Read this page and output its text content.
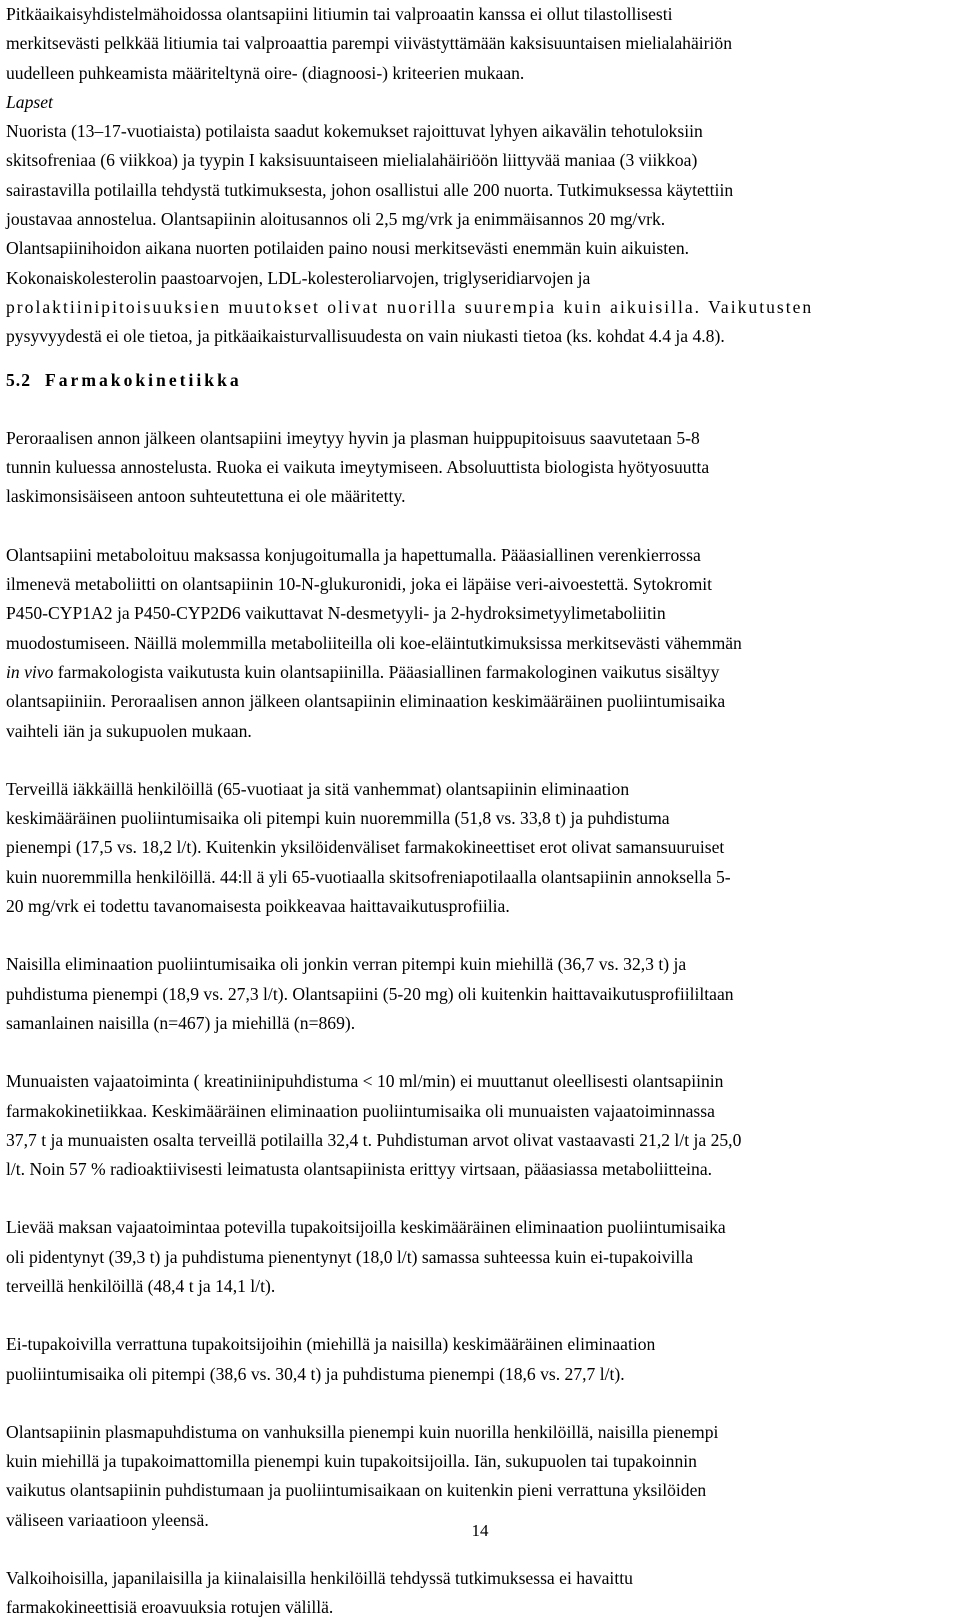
Pitkäaikaisyhdistelmähoidossa olantsapiini litiumin tai valproaatin kanssa ei ollut tilastollisesti

merkitsevästi pelkkää litiumia tai valproaattia parempi viivästyttämään kaksisuuntaisen mielialahäiriön

uudelleen puhkeamista määriteltynä oire- (diagnoosi-) kriteerien mukaan.

Lapset

Nuorista (13–17-vuotiaista) potilaista saadut kokemukset rajoittuvat lyhyen aikavälin tehotuloksiin

skitsofreniaa (6 viikkoa) ja tyypin I kaksisuuntaiseen mielialahäiriöön liittyvää maniaa (3 viikkoa)

sairastavilla potilailla tehdystä tutkimuksesta, johon osallistui alle 200 nuorta. Tutkimuksessa käytettiin

joustavaa annostelua. Olantsapiinin aloitusannos oli 2,5 mg/vrk ja enimmäisannos 20 mg/vrk.

Olantsapiinihoidon aikana nuorten potilaiden paino nousi merkitsevästi enemmän kuin aikuisten.

Kokonaiskolesterolin paastoarvojen, LDL-kolesteroliarvojen, triglyseridiarvojen ja

prolaktiinipitoisuuksien muutokset olivat nuorilla suurempia kuin aikuisilla. Vaikutusten

pysyvyydestä ei ole tietoa, ja pitkäaikaisturvallisuudesta on vain niukasti tietoa (ks. kohdat 4.4 ja 4.8).

5.2 Farmakokinetiikka

Peroraalisen annon jälkeen olantsapiini imeytyy hyvin ja plasman huippupitoisuus saavutetaan 5-8

tunnin kuluessa annostelusta. Ruoka ei vaikuta imeytymiseen. Absoluuttista biologista hyötyosuutta

laskimonsisäiseen antoon suhteutettuna ei ole määritetty.

Olantsapiini metaboloituu maksassa konjugoitumalla ja hapettumalla. Pääasiallinen verenkierrossa

ilmenevä metaboliitti on olantsapiinin 10-N-glukuronidi, joka ei läpäise veri-aivoestettä. Sytokromit

P450-CYP1A2 ja P450-CYP2D6 vaikuttavat N-desmetyyli- ja 2-hydroksimetyylimetaboliitin

muodostumiseen. Näillä molemmilla metaboliiteilla oli koe-eläintutkimuksissa merkitsevästi vähemmän

in vivo farmakologista vaikutusta kuin olantsapiinilla. Pääasiallinen farmakologinen vaikutus sisältyy

olantsapiiniin. Peroraalisen annon jälkeen olantsapiinin eliminaation keskimääräinen puoliintumisaika

vaihteli iän ja sukupuolen mukaan.

Terveillä iäkkäillä henkilöillä (65-vuotiaat ja sitä vanhemmat) olantsapiinin eliminaation

keskimääräinen puoliintumisaika oli pitempi kuin nuoremmilla (51,8 vs. 33,8 t) ja puhdistuma

pienempi (17,5 vs. 18,2 l/t). Kuitenkin yksilöidenväliset farmakokineettiset erot olivat samansuuruiset

kuin nuoremmilla henkilöillä. 44:ll ä yli 65-vuotiaalla skitsofreniapotilaalla olantsapiinin annoksella 5-

20 mg/vrk ei todettu tavanomaisesta poikkeavaa haittavaikutusprofiilia.

Naisilla eliminaation puoliintumisaika oli jonkin verran pitempi kuin miehillä (36,7 vs. 32,3 t) ja

puhdistuma pienempi (18,9 vs. 27,3 l/t). Olantsapiini (5-20 mg) oli kuitenkin haittavaikutusprofiililtaan

samanlainen naisilla (n=467) ja miehillä (n=869).

Munuaisten vajaatoiminta ( kreatiniinipuhdistuma < 10 ml/min) ei muuttanut oleellisesti olantsapiinin

farmakokinetiikkaa. Keskimääräinen eliminaation puoliintumisaika oli munuaisten vajaatoiminnassa

37,7 t ja munuaisten osalta terveillä potilailla 32,4 t. Puhdistuman arvot olivat vastaavasti 21,2 l/t ja 25,0

l/t. Noin 57 % radioaktiivisesti leimatusta olantsapiinista erittyy virtsaan, pääasiassa metaboliitteina.

Lievää maksan vajaatoimintaa potevilla tupakoitsijoilla keskimääräinen eliminaation puoliintumisaika

oli pidentynyt (39,3 t) ja puhdistuma pienentynyt (18,0 l/t) samassa suhteessa kuin ei-tupakoivilla

terveillä henkilöillä (48,4 t ja 14,1 l/t).

Ei-tupakoivilla verrattuna tupakoitsijoihin (miehillä ja naisilla) keskimääräinen eliminaation

puoliintumisaika oli pitempi (38,6 vs. 30,4 t) ja puhdistuma pienempi (18,6 vs. 27,7 l/t).

Olantsapiinin plasmapuhdistuma on vanhuksilla pienempi kuin nuorilla henkilöillä, naisilla pienempi

kuin miehillä ja tupakoimattomilla pienempi kuin tupakoitsijoilla. Iän, sukupuolen tai tupakoinnin

vaikutus olantsapiinin puhdistumaan ja puoliintumisaikaan on kuitenkin pieni verrattuna yksilöiden

väliseen variaatioon yleensä.

Valkoihoisilla, japanilaisilla ja kiinalaisilla henkilöillä tehdyssä tutkimuksessa ei havaittu

farmakokineettisiä eroavuuksia rotujen välillä.

14
